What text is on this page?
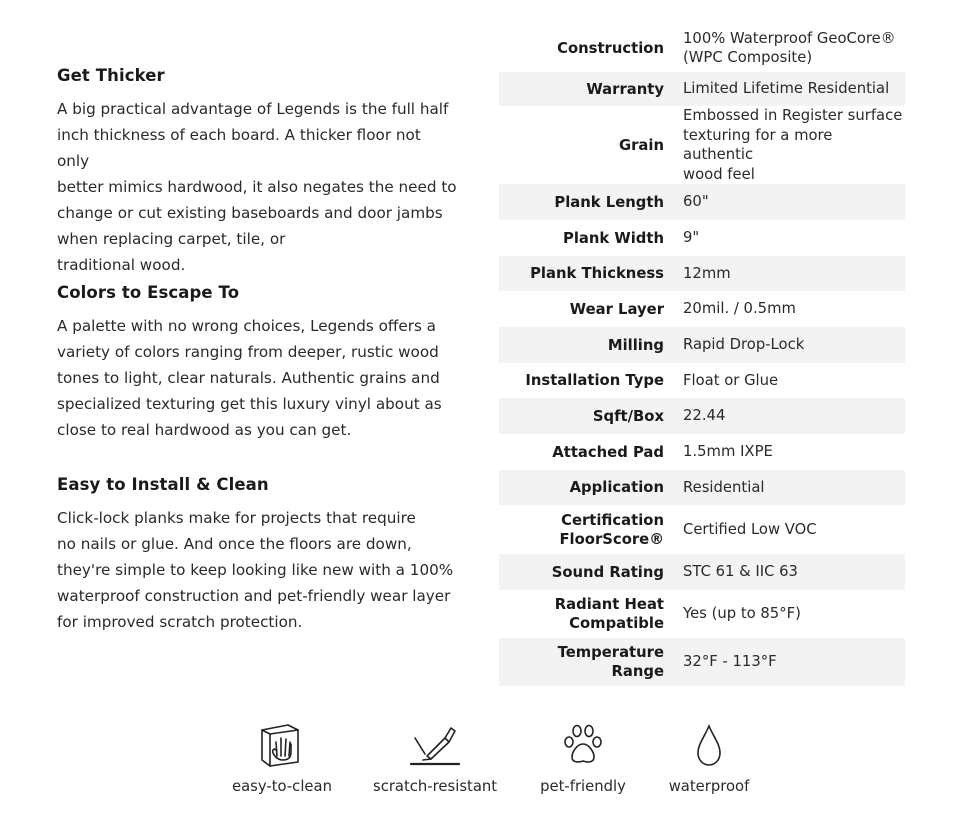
Get Thicker

A big practical advantage of Legends is the full half
inch thickness of each board. A thicker floor not only
better mimics hardwood, it also negates the need to
change or cut existing baseboards and door jambs
when replacing carpet, tile, or
traditional wood.

Colors to Escape To

A palette with no wrong choices, Legends offers a
variety of colors ranging from deeper, rustic wood
tones to light, clear naturals. Authentic grains and
specialized texturing get this luxury vinyl about as
close to real hardwood as you can get.

Easy to Install & Clean

Click-lock planks make for projects that require
no nails or glue. And once the floors are down,
they're simple to keep looking like new with a 100%
waterproof construction and pet-friendly wear layer
for improved scratch protection.

Construction	100% Waterproof GeoCore®
(WPC Composite)
Warranty	Limited Lifetime Residential
Grain	Embossed in Register surface
texturing for a more authentic
wood feel
Plank Length	60"
Plank Width	9"
Plank Thickness	12mm
Wear Layer	20mil. / 0.5mm
Milling	Rapid Drop-Lock
Installation Type	Float or Glue
Sqft/Box	22.44
Attached Pad	1.5mm IXPE
Application	Residential
Certification
FloorScore®	Certified Low VOC
Sound Rating	STC 61 & IIC 63
Radiant Heat
Compatible	Yes (up to 85°F)
Temperature
Range	32°F - 113°F
easy-to-clean	scratch-resistant	pet-friendly	waterproof
